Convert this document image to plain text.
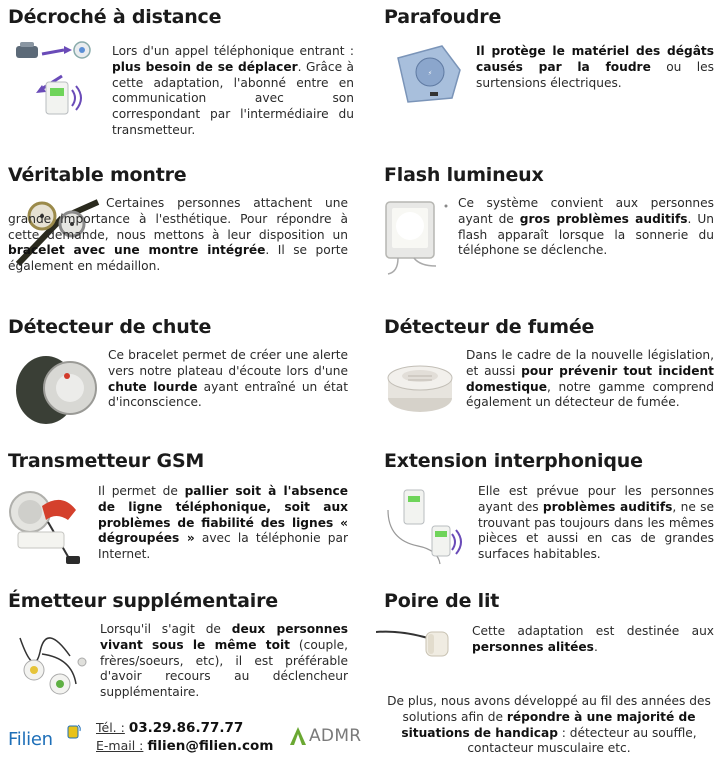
Décroché à distance
Lors d'un appel téléphonique entrant : plus besoin de se déplacer. Grâce à cette adaptation, l'abonné entre en communication avec son correspondant par l'intermédiaire du transmetteur.
Véritable montre
Certaines personnes attachent une grande importance à l'esthétique. Pour répondre à cette demande, nous mettons à leur disposition un bracelet avec une montre intégrée. Il se porte également en médaillon.
Détecteur de chute
Ce bracelet permet de créer une alerte vers notre plateau d'écoute lors d'une chute lourde ayant entraîné un état d'inconscience.
Transmetteur GSM
Il permet de pallier soit à l'absence de ligne téléphonique, soit aux problèmes de fiabilité des lignes « dégroupées » avec la téléphonie par Internet.
Émetteur supplémentaire
Lorsqu'il s'agit de deux personnes vivant sous le même toit (couple, frères/soeurs, etc), il est préférable d'avoir recours au déclencheur supplémentaire.
Filien
Tél. : 03.29.86.77.77
E-mail : filien@filien.com ADMR
Parafoudre
⚡
Il protège le matériel des dégâts causés par la foudre ou les surtensions électriques.
Flash lumineux
Ce système convient aux personnes ayant de gros problèmes auditifs. Un flash apparaît lorsque la sonnerie du téléphone se déclenche.
Détecteur de fumée
Dans le cadre de la nouvelle législation, et aussi pour prévenir tout incident domestique, notre gamme comprend également un détecteur de fumée.
Extension interphonique
Elle est prévue pour les personnes ayant des problèmes auditifs, ne se trouvant pas toujours dans les mêmes pièces et aussi en cas de grandes surfaces habitables.
Poire de lit
Cette adaptation est destinée aux personnes alitées.
De plus, nous avons développé au fil des années des solutions afin de répondre à une majorité de situations de handicap : détecteur au souffle, contacteur musculaire etc.
